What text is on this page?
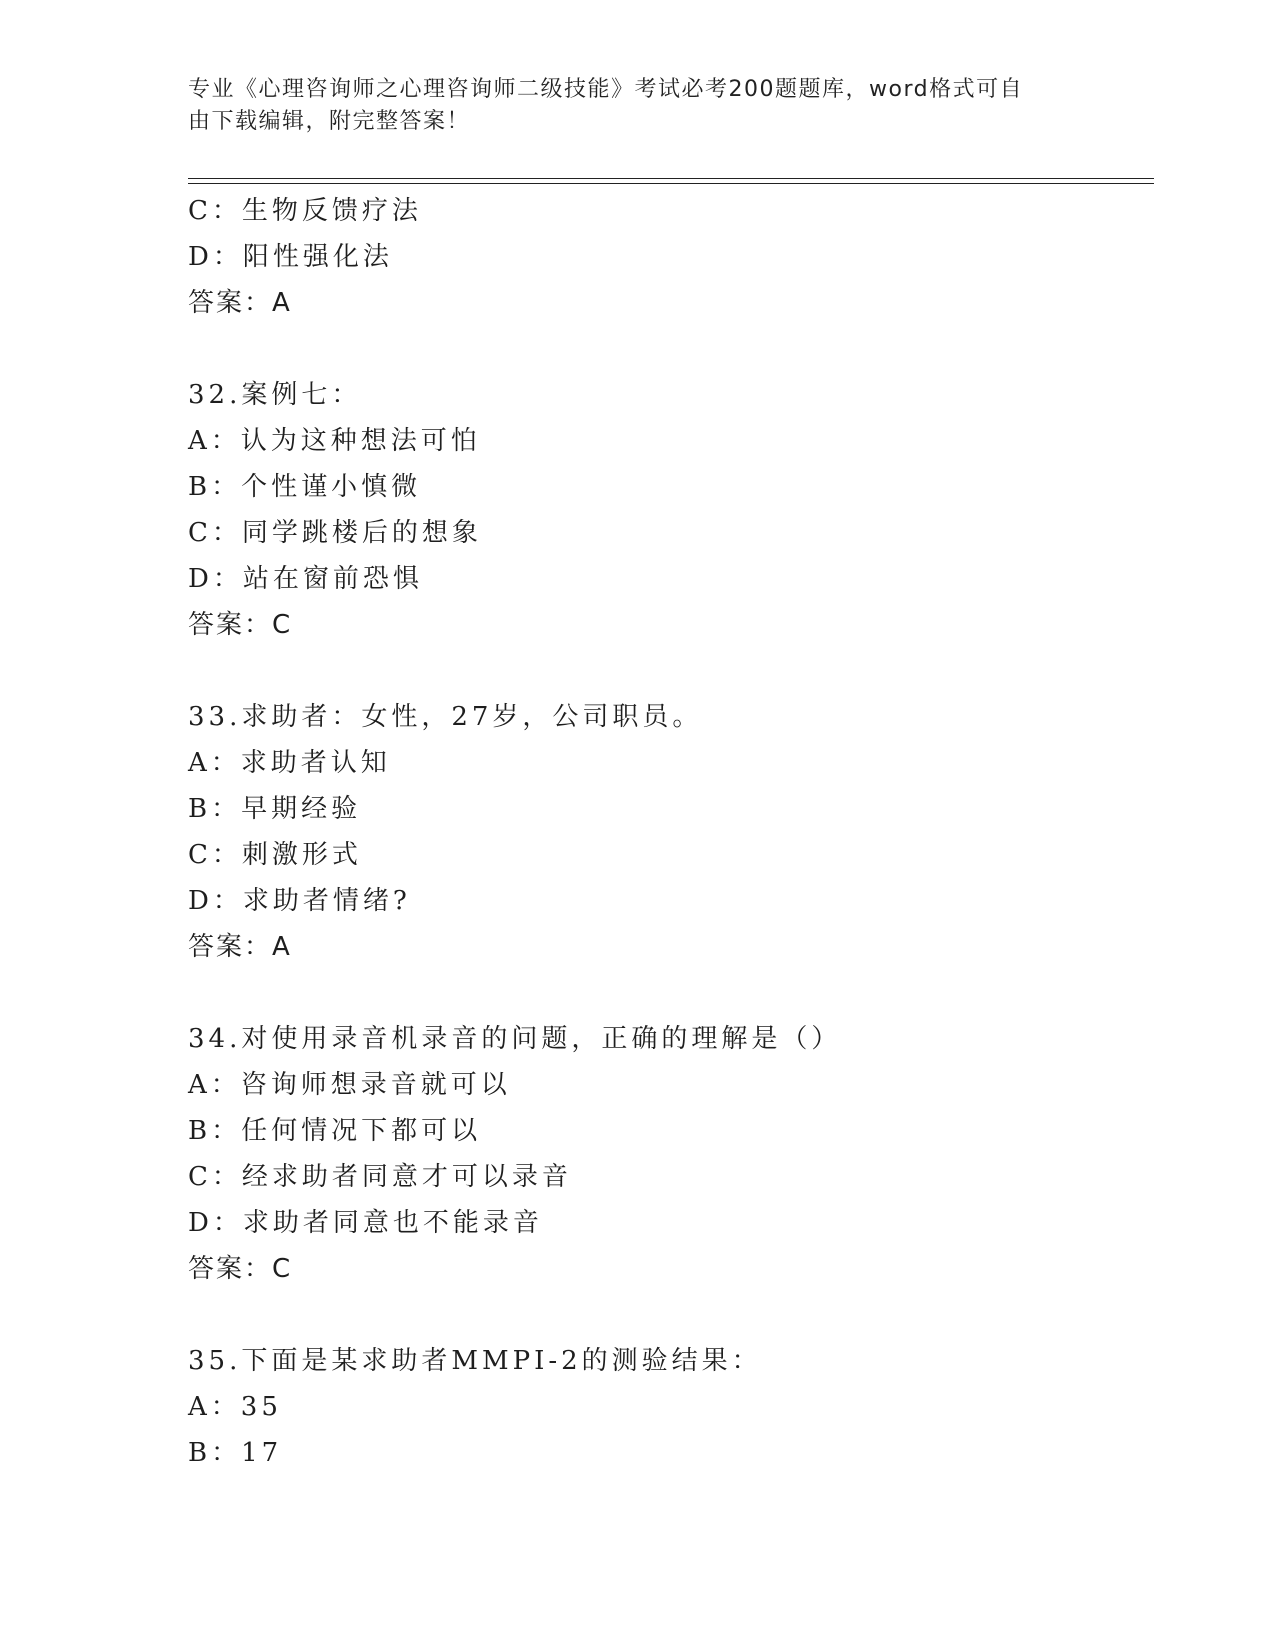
专业《心理咨询师之心理咨询师二级技能》考试必考200题题库，word格式可自
由下载编辑，附完整答案！
C：生物反馈疗法
D：阳性强化法
答案：A
32.案例七：
A：认为这种想法可怕
B：个性谨小慎微
C：同学跳楼后的想象
D：站在窗前恐惧
答案：C
33.求助者：女性，27岁，公司职员。
A：求助者认知
B：早期经验
C：刺激形式
D：求助者情绪?
答案：A
34.对使用录音机录音的问题，正确的理解是（）
A：咨询师想录音就可以
B：任何情况下都可以
C：经求助者同意才可以录音
D：求助者同意也不能录音
答案：C
35.下面是某求助者MMPI-2的测验结果：
A：35
B：17
